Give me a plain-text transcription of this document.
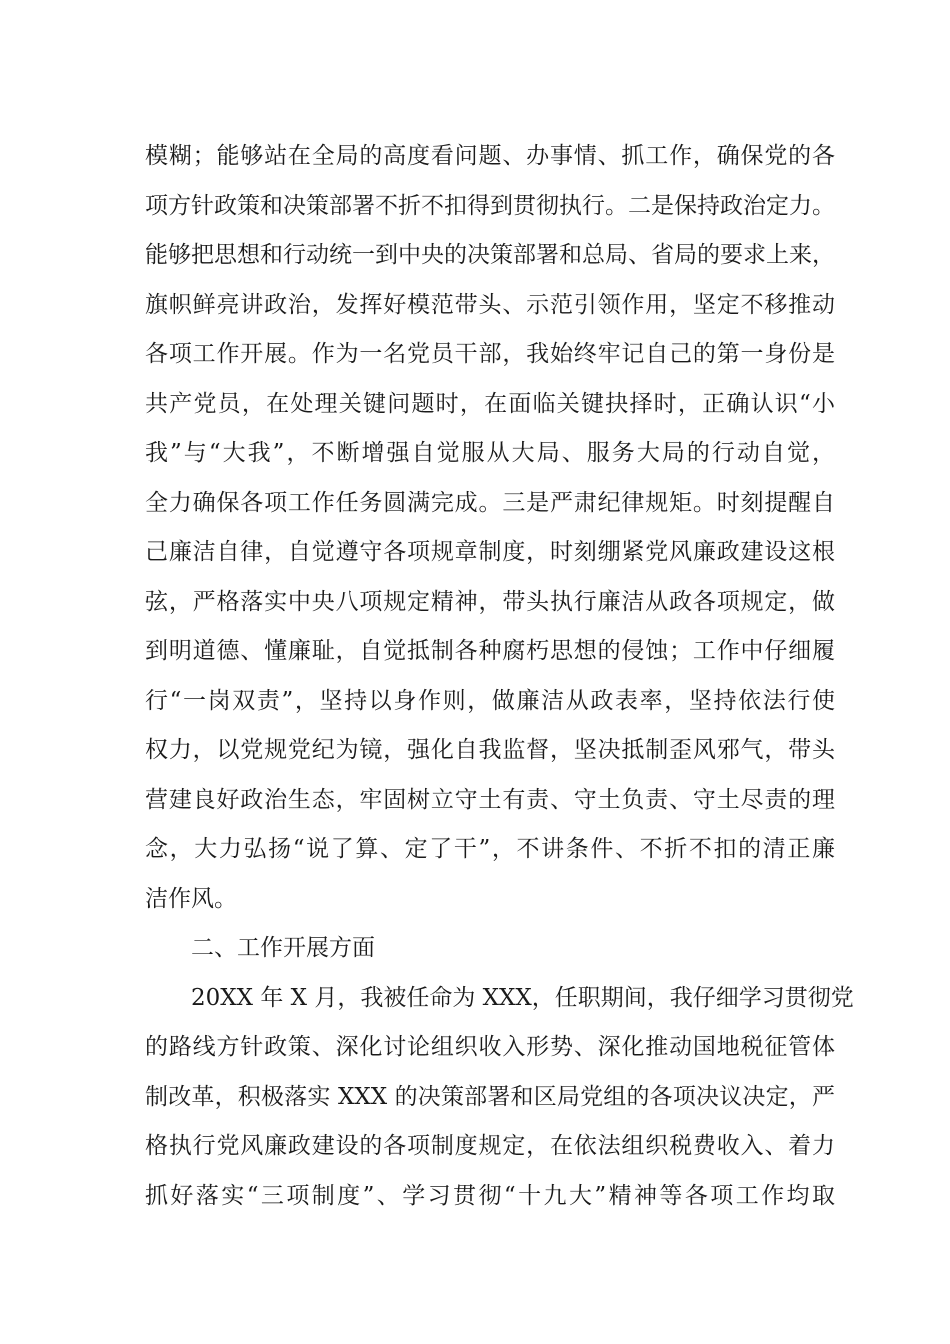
模糊；能够站在全局的高度看问题、办事情、抓工作，确保党的各
项方针政策和决策部署不折不扣得到贯彻执行。二是保持政治定力。
能够把思想和行动统一到中央的决策部署和总局、省局的要求上来，
旗帜鲜亮讲政治，发挥好模范带头、示范引领作用，坚定不移推动
各项工作开展。作为一名党员干部，我始终牢记自己的第一身份是
共产党员，在处理关键问题时，在面临关键抉择时，正确认识“小
我”与“大我”，不断增强自觉服从大局、服务大局的行动自觉，
全力确保各项工作任务圆满完成。三是严肃纪律规矩。时刻提醒自
己廉洁自律，自觉遵守各项规章制度，时刻绷紧党风廉政建设这根
弦，严格落实中央八项规定精神，带头执行廉洁从政各项规定，做
到明道德、懂廉耻，自觉抵制各种腐朽思想的侵蚀；工作中仔细履
行“一岗双责”，坚持以身作则，做廉洁从政表率，坚持依法行使
权力，以党规党纪为镜，强化自我监督，坚决抵制歪风邪气，带头
营建良好政治生态，牢固树立守土有责、守土负责、守土尽责的理
念，大力弘扬“说了算、定了干”，不讲条件、不折不扣的清正廉
洁作风。
二、工作开展方面
20XX 年 X 月，我被任命为 XXX，任职期间，我仔细学习贯彻党
的路线方针政策、深化讨论组织收入形势、深化推动国地税征管体
制改革，积极落实 XXX 的决策部署和区局党组的各项决议决定，严
格执行党风廉政建设的各项制度规定，在依法组织税费收入、着力
抓好落实“三项制度”、学习贯彻“十九大”精神等各项工作均取
